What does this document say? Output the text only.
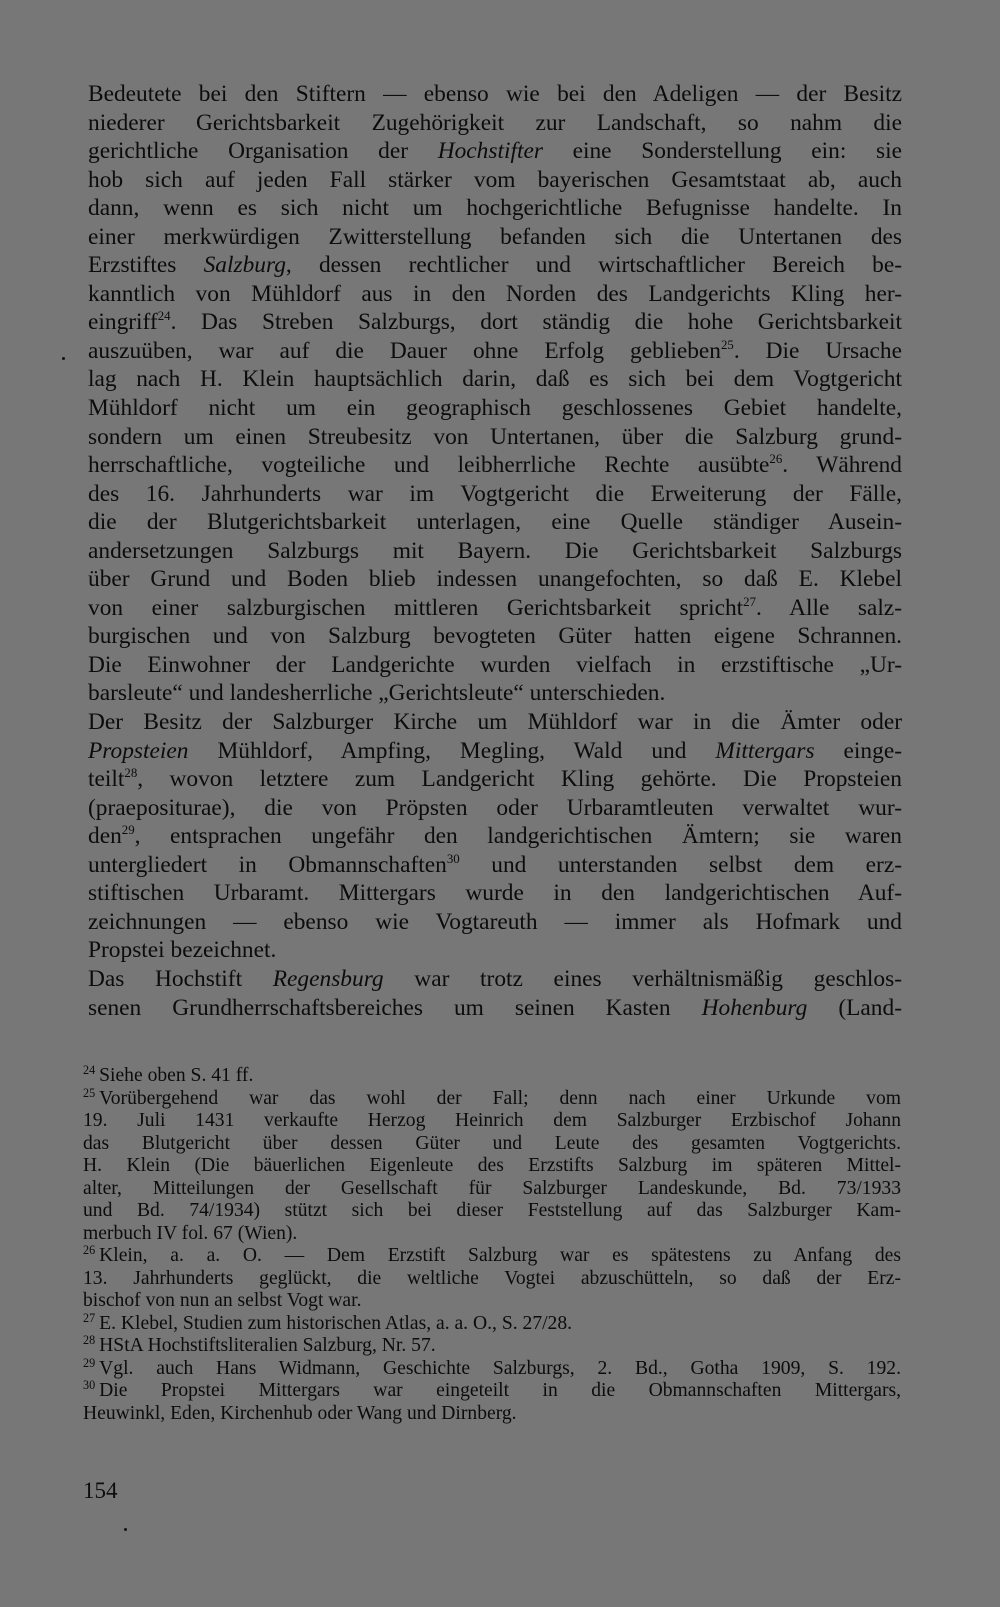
Bedeutete bei den Stiftern — ebenso wie bei den Adeligen — der Besitz
niederer Gerichtsbarkeit Zugehörigkeit zur Landschaft, so nahm die
gerichtliche Organisation der Hochstifter eine Sonderstellung ein: sie
hob sich auf jeden Fall stärker vom bayerischen Gesamtstaat ab, auch
dann, wenn es sich nicht um hochgerichtliche Befugnisse handelte. In
einer merkwürdigen Zwitterstellung befanden sich die Untertanen des
Erzstiftes Salzburg, dessen rechtlicher und wirtschaftlicher Bereich be-
kanntlich von Mühldorf aus in den Norden des Landgerichts Kling her-
eingriff$^{24}$. Das Streben Salzburgs, dort ständig die hohe Gerichtsbarkeit
auszuüben, war auf die Dauer ohne Erfolg geblieben$^{25}$. Die Ursache
lag nach H. Klein hauptsächlich darin, daß es sich bei dem Vogtgericht
Mühldorf nicht um ein geographisch geschlossenes Gebiet handelte,
sondern um einen Streubesitz von Untertanen, über die Salzburg grund-
herrschaftliche, vogteiliche und leibherrliche Rechte ausübte$^{26}$. Während
des 16. Jahrhunderts war im Vogtgericht die Erweiterung der Fälle,
die der Blutgerichtsbarkeit unterlagen, eine Quelle ständiger Ausein-
andersetzungen Salzburgs mit Bayern. Die Gerichtsbarkeit Salzburgs
über Grund und Boden blieb indessen unangefochten, so daß E. Klebel
von einer salzburgischen mittleren Gerichtsbarkeit spricht$^{27}$. Alle salz-
burgischen und von Salzburg bevogteten Güter hatten eigene Schrannen.
Die Einwohner der Landgerichte wurden vielfach in erzstiftische „Ur-
barsleute“ und landesherrliche „Gerichtsleute“ unterschieden.
Der Besitz der Salzburger Kirche um Mühldorf war in die Ämter oder
Propsteien Mühldorf, Ampfing, Megling, Wald und Mittergars einge-
teilt$^{28}$, wovon letztere zum Landgericht Kling gehörte. Die Propsteien
(praepositurae), die von Pröpsten oder Urbaramtleuten verwaltet wur-
den$^{29}$, entsprachen ungefähr den landgerichtischen Ämtern; sie waren
untergliedert in Obmannschaften$^{30}$ und unterstanden selbst dem erz-
stiftischen Urbaramt. Mittergars wurde in den landgerichtischen Auf-
zeichnungen — ebenso wie Vogtareuth — immer als Hofmark und
Propstei bezeichnet.
Das Hochstift Regensburg war trotz eines verhältnismäßig geschlos-
senen Grundherrschaftsbereiches um seinen Kasten Hohenburg (Land-
$^{24}$ Siehe oben S. 41 ff.
$^{25}$ Vorübergehend war das wohl der Fall; denn nach einer Urkunde vom
19. Juli 1431 verkaufte Herzog Heinrich dem Salzburger Erzbischof Johann
das Blutgericht über dessen Güter und Leute des gesamten Vogtgerichts.
H. Klein (Die bäuerlichen Eigenleute des Erzstifts Salzburg im späteren Mittel-
alter, Mitteilungen der Gesellschaft für Salzburger Landeskunde, Bd. 73/1933
und Bd. 74/1934) stützt sich bei dieser Feststellung auf das Salzburger Kam-
merbuch IV fol. 67 (Wien).
$^{26}$ Klein, a. a. O. — Dem Erzstift Salzburg war es spätestens zu Anfang des
13. Jahrhunderts geglückt, die weltliche Vogtei abzuschütteln, so daß der Erz-
bischof von nun an selbst Vogt war.
$^{27}$ E. Klebel, Studien zum historischen Atlas, a. a. O., S. 27/28.
$^{28}$ HStA Hochstiftsliteralien Salzburg, Nr. 57.
$^{29}$ Vgl. auch Hans Widmann, Geschichte Salzburgs, 2. Bd., Gotha 1909, S. 192.
$^{30}$ Die Propstei Mittergars war eingeteilt in die Obmannschaften Mittergars,
Heuwinkl, Eden, Kirchenhub oder Wang und Dirnberg.
154
